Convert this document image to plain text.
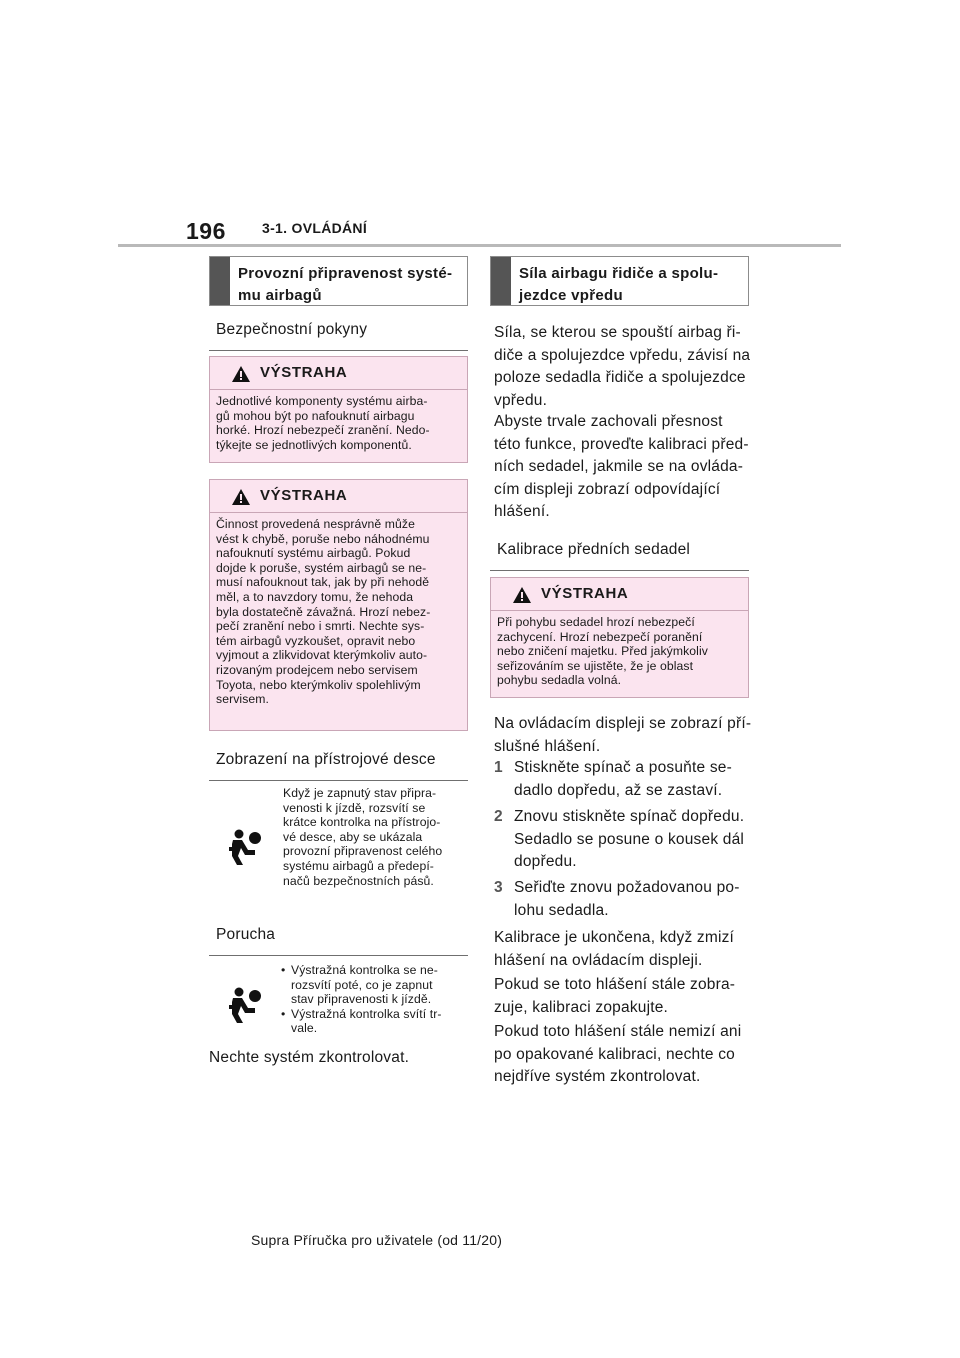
196	3-1. OVLÁDÁNÍ
Provozní připravenost systé-
mu airbagů
Bezpečnostní pokyny
VÝSTRAHA
Jednotlivé komponenty systému airba-
gů mohou být po nafouknutí airbagu
horké. Hrozí nebezpečí zranění. Nedo-
týkejte se jednotlivých komponentů.
VÝSTRAHA
Činnost provedená nesprávně může
vést k chybě, poruše nebo náhodnému
nafouknutí systému airbagů. Pokud
dojde k poruše, systém airbagů se ne-
musí nafouknout tak, jak by při nehodě
měl, a to navzdory tomu, že nehoda
byla dostatečně závažná. Hrozí nebez-
pečí zranění nebo i smrti. Nechte sys-
tém airbagů vyzkoušet, opravit nebo
vyjmout a zlikvidovat kterýmkoliv auto-
rizovaným prodejcem nebo servisem
Toyota, nebo kterýmkoliv spolehlivým
servisem.
Zobrazení na přístrojové desce
Když je zapnutý stav připra-
venosti k jízdě, rozsvítí se
krátce kontrolka na přístrojo-
vé desce, aby se ukázala
provozní připravenost celého
systému airbagů a předepí-
načů bezpečnostních pásů.
Porucha
• Výstražná kontrolka se ne-
rozsvítí poté, co je zapnut
stav připravenosti k jízdě.
• Výstražná kontrolka svítí tr-
vale.
Nechte systém zkontrolovat.
Síla airbagu řidiče a spolu-
jezdce vpředu
Síla, se kterou se spouští airbag ři-
diče a spolujezdce vpředu, závisí na
poloze sedadla řidiče a spolujezdce
vpředu.
Abyste trvale zachovali přesnost
této funkce, proveďte kalibraci před-
ních sedadel, jakmile se na ovláda-
cím displeji zobrazí odpovídající
hlášení.
Kalibrace předních sedadel
VÝSTRAHA
Při pohybu sedadel hrozí nebezpečí
zachycení. Hrozí nebezpečí poranění
nebo zničení majetku. Před jakýmkoliv
seřizováním se ujistěte, že je oblast
pohybu sedadla volná.
Na ovládacím displeji se zobrazí pří-
slušné hlášení.
1 Stiskněte spínač a posuňte se-
dadlo dopředu, až se zastaví.
2 Znovu stiskněte spínač dopředu.
Sedadlo se posune o kousek dál
dopředu.
3 Seřiďte znovu požadovanou po-
lohu sedadla.
Kalibrace je ukončena, když zmizí
hlášení na ovládacím displeji.
Pokud se toto hlášení stále zobra-
zuje, kalibraci zopakujte.
Pokud toto hlášení stále nemizí ani
po opakované kalibraci, nechte co
nejdříve systém zkontrolovat.
Supra Příručka pro uživatele (od 11/20)
